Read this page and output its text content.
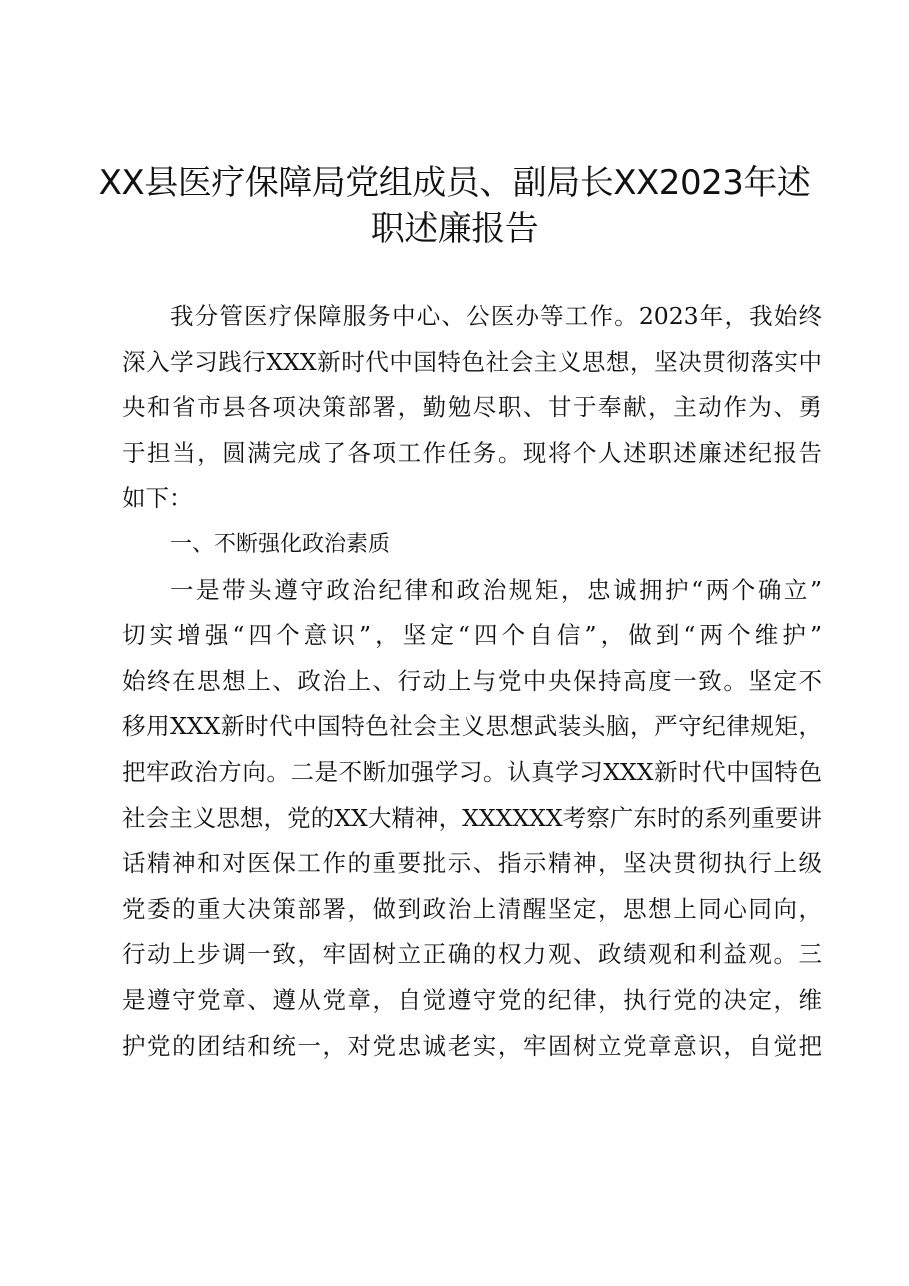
XX县医疗保障局党组成员、副局长XX2023年述
职述廉报告
我分管医疗保障服务中心、公医办等工作。2023年，我始终
深入学习践行XXX新时代中国特色社会主义思想，坚决贯彻落实中
央和省市县各项决策部署，勤勉尽职、甘于奉献，主动作为、勇
于担当，圆满完成了各项工作任务。现将个人述职述廉述纪报告
如下：
一、不断强化政治素质
一是带头遵守政治纪律和政治规矩，忠诚拥护“两个确立”
切实增强“四个意识”，坚定“四个自信”，做到“两个维护”
始终在思想上、政治上、行动上与党中央保持高度一致。坚定不
移用XXX新时代中国特色社会主义思想武装头脑，严守纪律规矩，
把牢政治方向。二是不断加强学习。认真学习XXX新时代中国特色
社会主义思想，党的XX大精神，XXXXXX考察广东时的系列重要讲
话精神和对医保工作的重要批示、指示精神，坚决贯彻执行上级
党委的重大决策部署，做到政治上清醒坚定，思想上同心同向，
行动上步调一致，牢固树立正确的权力观、政绩观和利益观。三
是遵守党章、遵从党章，自觉遵守党的纪律，执行党的决定，维
护党的团结和统一，对党忠诚老实，牢固树立党章意识，自觉把
